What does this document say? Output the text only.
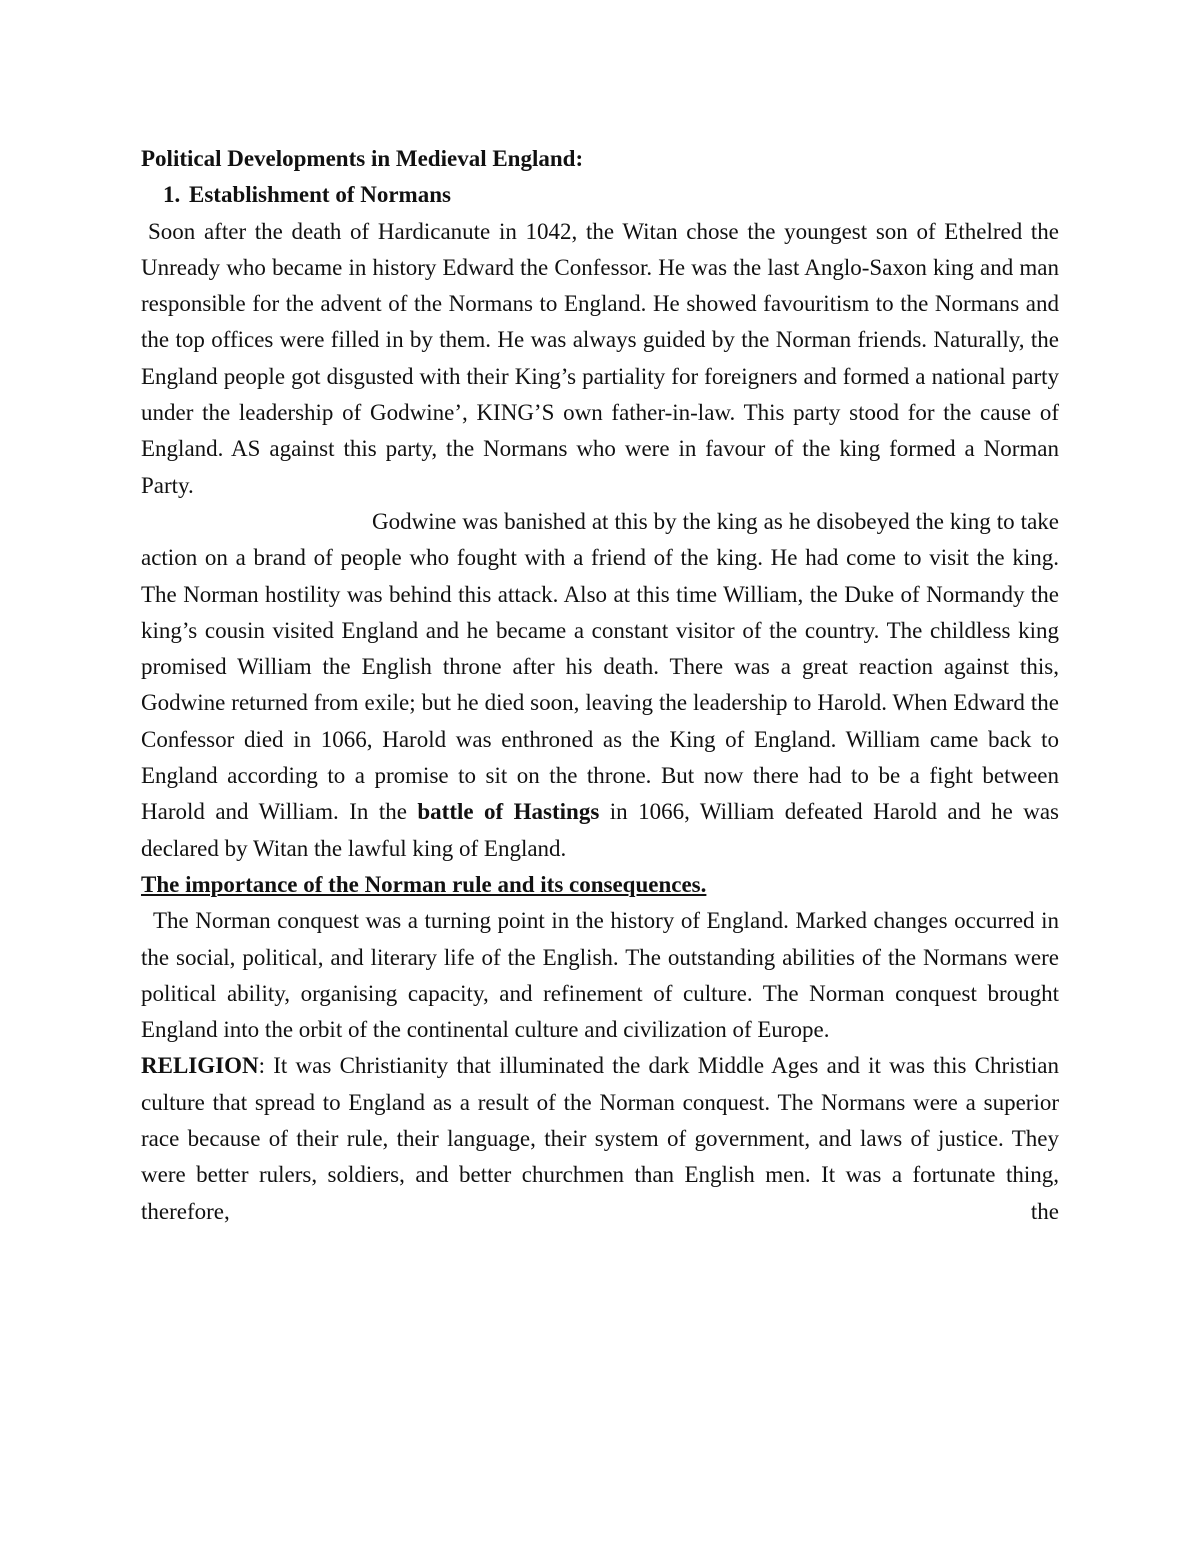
Political Developments in Medieval England:

1. Establishment of Normans

Soon after the death of Hardicanute in 1042, the Witan chose the youngest son of Ethelred the Unready who became in history Edward the Confessor. He was the last Anglo-Saxon king and man responsible for the advent of the Normans to England. He showed favouritism to the Normans and the top offices were filled in by them. He was always guided by the Norman friends. Naturally, the England people got disgusted with their King’s partiality for foreigners and formed a national party under the leadership of Godwine’, KING’S own father-in-law. This party stood for the cause of England. AS against this party, the Normans who were in favour of the king formed a Norman Party.

Godwine was banished at this by the king as he disobeyed the king to take action on a brand of people who fought with a friend of the king. He had come to visit the king. The Norman hostility was behind this attack. Also at this time William, the Duke of Normandy the king’s cousin visited England and he became a constant visitor of the country. The childless king promised William the English throne after his death. There was a great reaction against this, Godwine returned from exile; but he died soon, leaving the leadership to Harold. When Edward the Confessor died in 1066, Harold was enthroned as the King of England. William came back to England according to a promise to sit on the throne. But now there had to be a fight between Harold and William. In the battle of Hastings in 1066, William defeated Harold and he was declared by Witan the lawful king of England.

The importance of the Norman rule and its consequences.

The Norman conquest was a turning point in the history of England. Marked changes occurred in the social, political, and literary life of the English. The outstanding abilities of the Normans were political ability, organising capacity, and refinement of culture. The Norman conquest brought England into the orbit of the continental culture and civilization of Europe.

RELIGION: It was Christianity that illuminated the dark Middle Ages and it was this Christian culture that spread to England as a result of the Norman conquest. The Normans were a superior race because of their rule, their language, their system of government, and laws of justice. They were better rulers, soldiers, and better churchmen than English men. It was a fortunate thing, therefore, the
